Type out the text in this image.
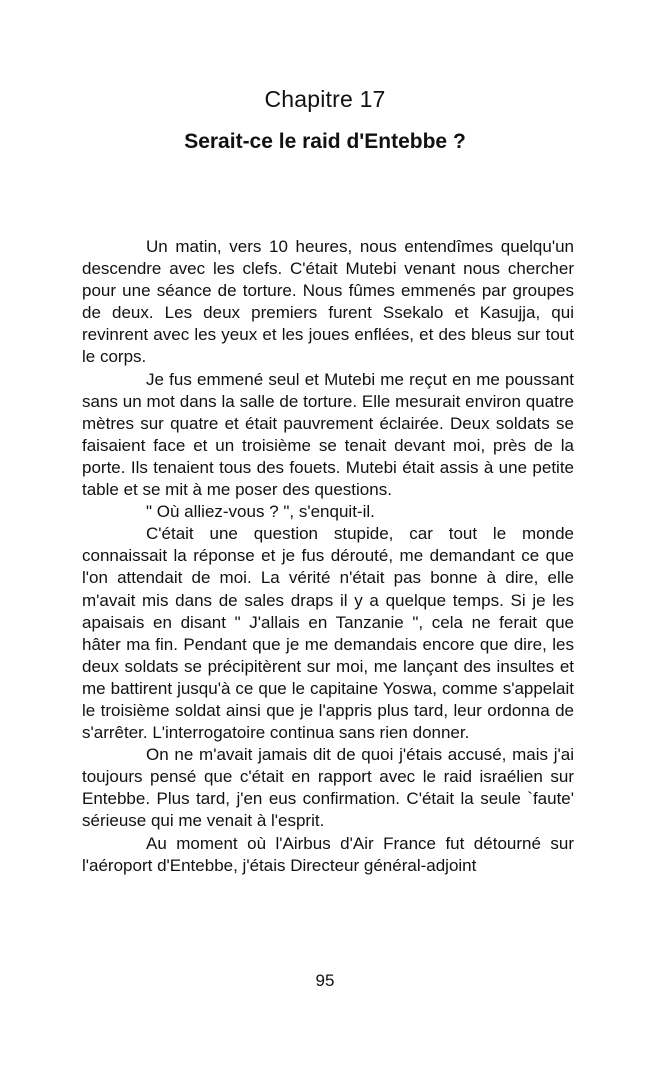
Chapitre 17
Serait-ce le raid d'Entebbe ?

Un matin, vers 10 heures, nous entendîmes quelqu'un descendre avec les clefs. C'était Mutebi venant nous chercher pour une séance de torture. Nous fûmes emmenés par groupes de deux. Les deux premiers furent Ssekalo et Kasujja, qui revinrent avec les yeux et les joues enflées, et des bleus sur tout le corps.

Je fus emmené seul et Mutebi me reçut en me poussant sans un mot dans la salle de torture. Elle mesurait environ quatre mètres sur quatre et était pauvrement éclairée. Deux soldats se faisaient face et un troisième se tenait devant moi, près de la porte. Ils tenaient tous des fouets. Mutebi était assis à une petite table et se mit à me poser des questions.

" Où alliez-vous ? ", s'enquit-il.

C'était une question stupide, car tout le monde connaissait la réponse et je fus dérouté, me demandant ce que l'on attendait de moi. La vérité n'était pas bonne à dire, elle m'avait mis dans de sales draps il y a quelque temps. Si je les apaisais en disant " J'allais en Tanzanie ", cela ne ferait que hâter ma fin. Pendant que je me demandais encore que dire, les deux soldats se précipitèrent sur moi, me lançant des insultes et me battirent jusqu'à ce que le capitaine Yoswa, comme s'appelait le troisième soldat ainsi que je l'appris plus tard, leur ordonna de s'arrêter. L'interrogatoire continua sans rien donner.

On ne m'avait jamais dit de quoi j'étais accusé, mais j'ai toujours pensé que c'était en rapport avec le raid israélien sur Entebbe. Plus tard, j'en eus confirmation. C'était la seule `faute' sérieuse qui me venait à l'esprit.

Au moment où l'Airbus d'Air France fut détourné sur l'aéroport d'Entebbe, j'étais Directeur général-adjoint

95
